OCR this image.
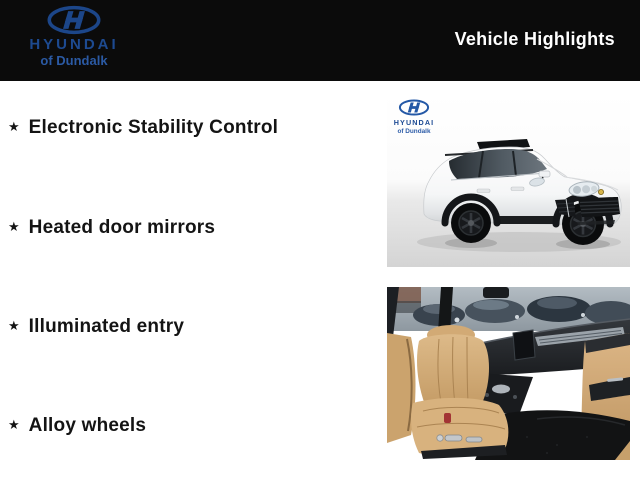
HYUNDAI
of Dundalk
Vehicle Highlights
★ Electronic Stability Control
★ Heated door mirrors
★ Illuminated entry
★ Alloy wheels
HYUNDAI
of Dundalk
